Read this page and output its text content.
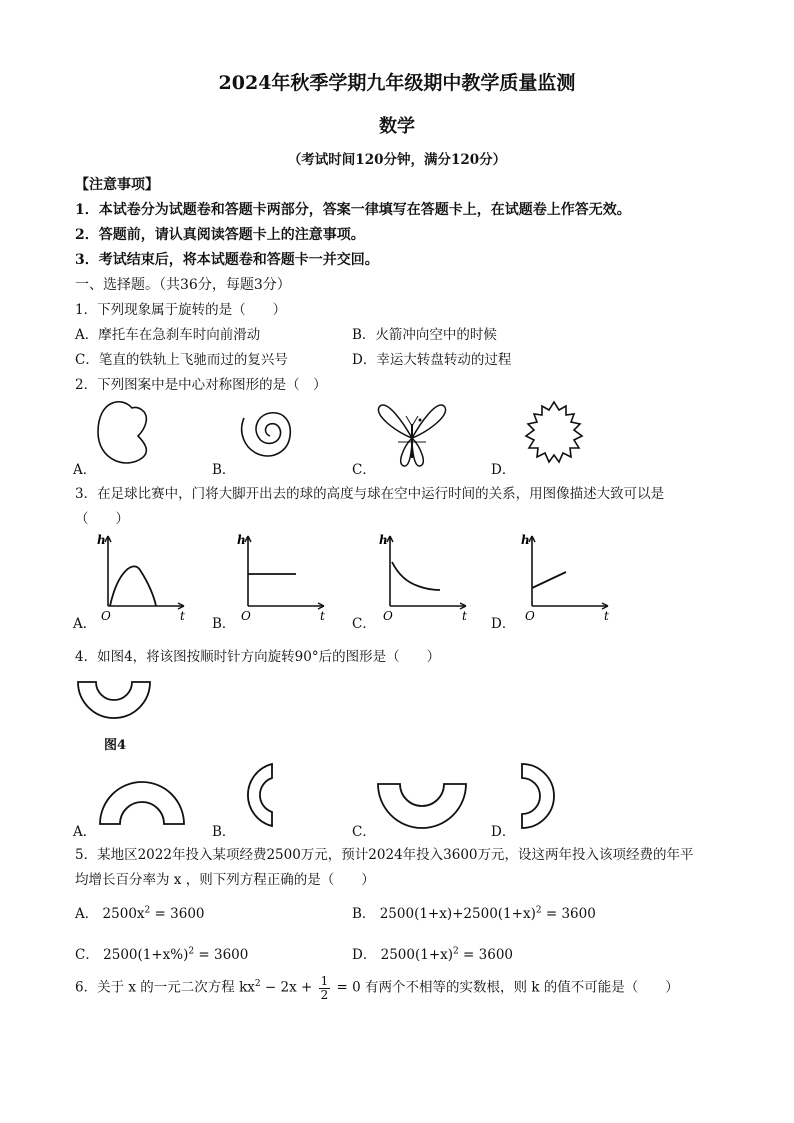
2024年秋季学期九年级期中教学质量监测
数学
（考试时间120分钟，满分120分）
【注意事项】
1．本试卷分为试题卷和答题卡两部分，答案一律填写在答题卡上，在试题卷上作答无效。
2．答题前，请认真阅读答题卡上的注意事项。
3．考试结束后，将本试题卷和答题卡一并交回。
一、选择题。（共36分，每题3分）
1．下列现象属于旋转的是（　　）
A．摩托车在急刹车时向前滑动	B．火箭冲向空中的时候
C．笔直的铁轨上飞驰而过的复兴号	D．幸运大转盘转动的过程
2．下列图案中是中心对称图形的是（　）
A．	B．	C．	D．
3．在足球比赛中，门将大脚开出去的球的高度与球在空中运行时间的关系，用图像描述大致可以是
（　　）
h
t
O
A．
h
t
O
B．
h
t
O
C．
h
t
O
D．
4．如图4，将该图按顺时针方向旋转90°后的图形是（　　）
图4
A．	B．	C．	D．
5．某地区2022年投入某项经费2500万元，预计2024年投入3600万元，设这两年投入该项经费的年平
均增长百分率为 x ，则下列方程正确的是（　　）
A． $2500x^2 = 3600$	B． $2500(1+x)+2500(1+x)^2 = 3600$
C． $2500(1+x\%)^2 = 3600$	D． $2500(1+x)^2 = 3600$
6．关于 x 的一元二次方程 $kx^2 - 2x + \frac{1}{2} = 0$ 有两个不相等的实数根，则 k 的值不可能是（　　）
